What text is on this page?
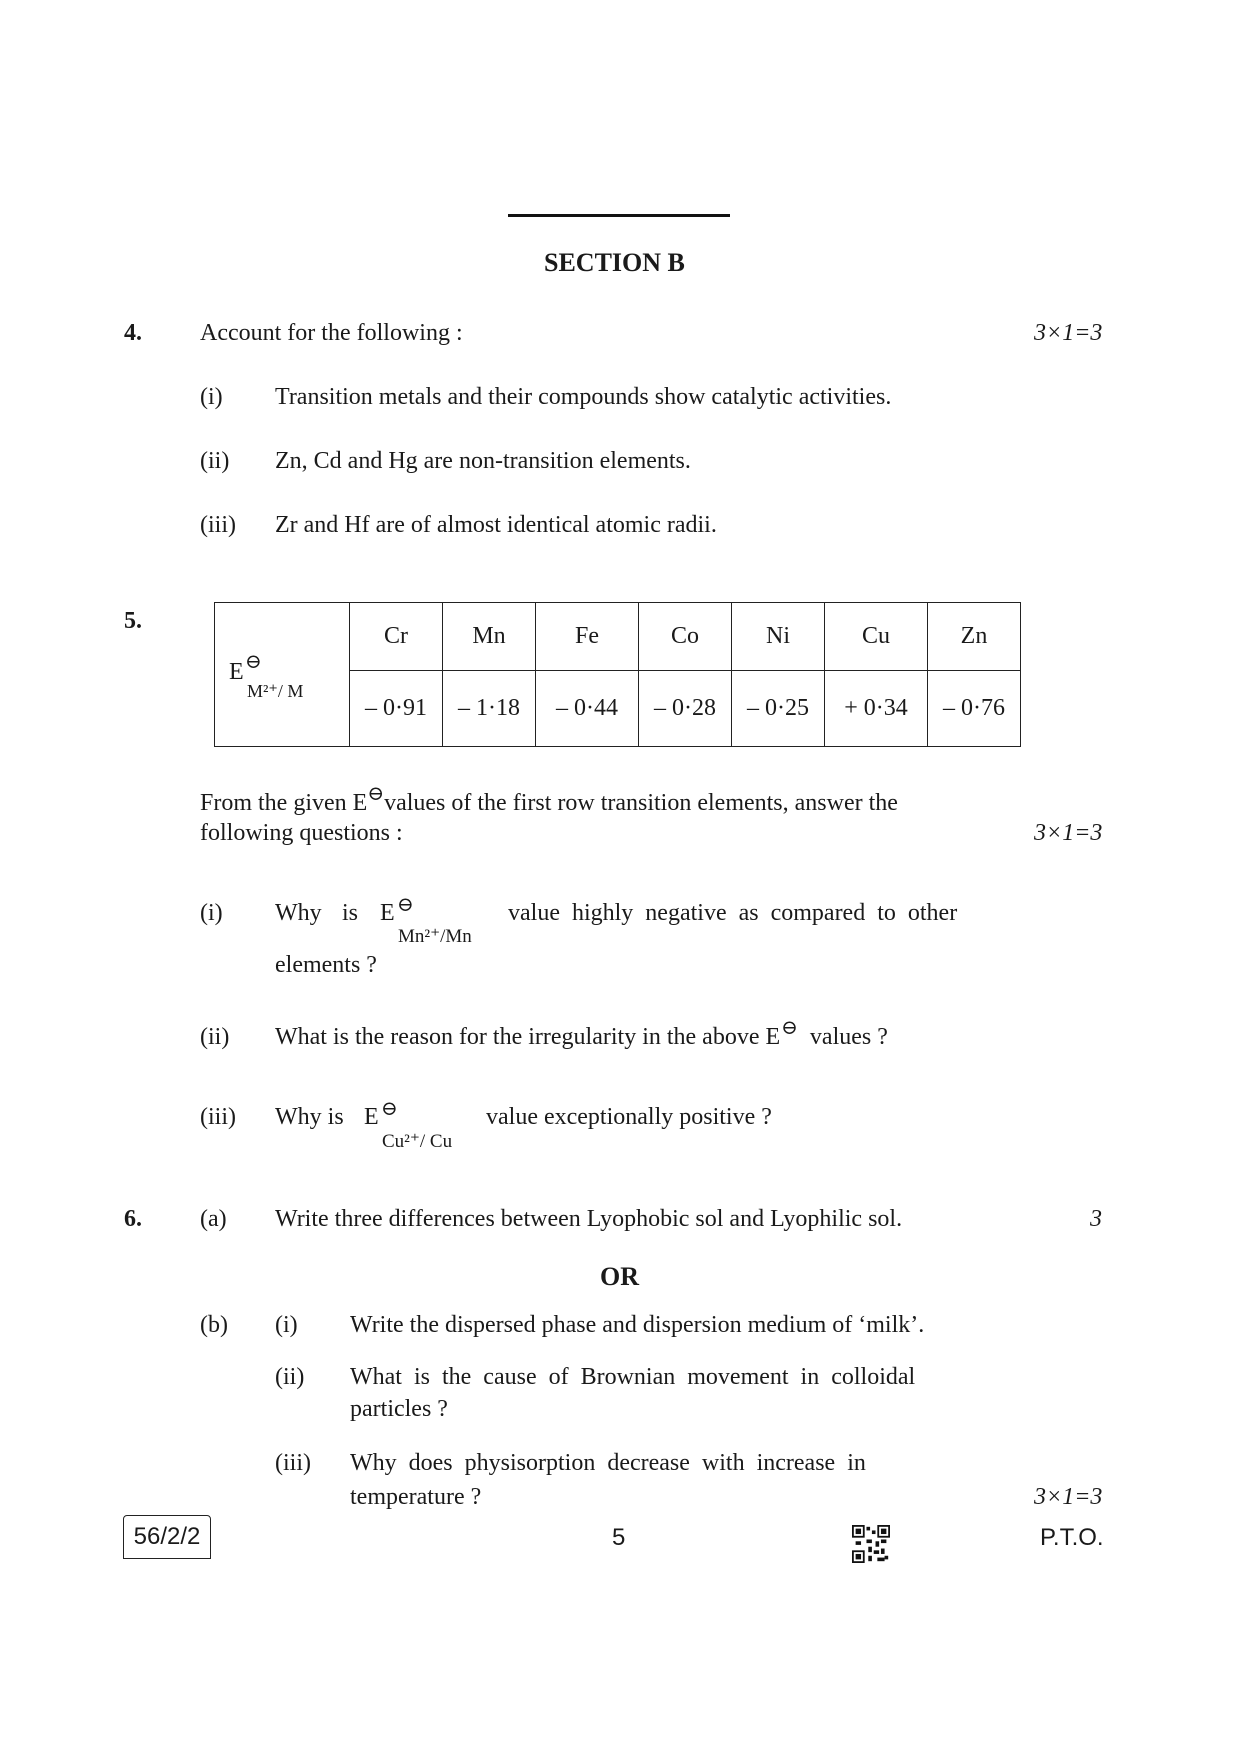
SECTION B
4. Account for the following :	3×1=3
(i) Transition metals and their compounds show catalytic activities.
(ii) Zn, Cd and Hg are non-transition elements.
(iii) Zr and Hf are of almost identical atomic radii.
5.
E ⊖
M²⁺/ M	Cr	Mn	Fe	Co	Ni	Cu	Zn
	– 0·91	– 1·18	– 0·44	– 0·28	– 0·25	+ 0·34	– 0·76
From the given E⊖values of the first row transition elements, answer the
following questions :	3×1=3
(i) Why is E ⊖
Mn²⁺/Mn
value  highly  negative  as  compared  to  other
elements ?
(ii) What is the reason for the irregularity in the above E⊖ values ?
(iii) Why is E ⊖
Cu²⁺/ Cu
value exceptionally positive ?
6. (a) Write three differences between Lyophobic sol and Lyophilic sol.	3
OR
(b) (i) Write the dispersed phase and dispersion medium of ‘milk’.
(ii) What  is  the  cause  of  Brownian  movement  in  colloidal
particles ?
(iii) Why  does  physisorption  decrease  with  increase  in
temperature ?	3×1=3
56/2/2	5	P.T.O.
